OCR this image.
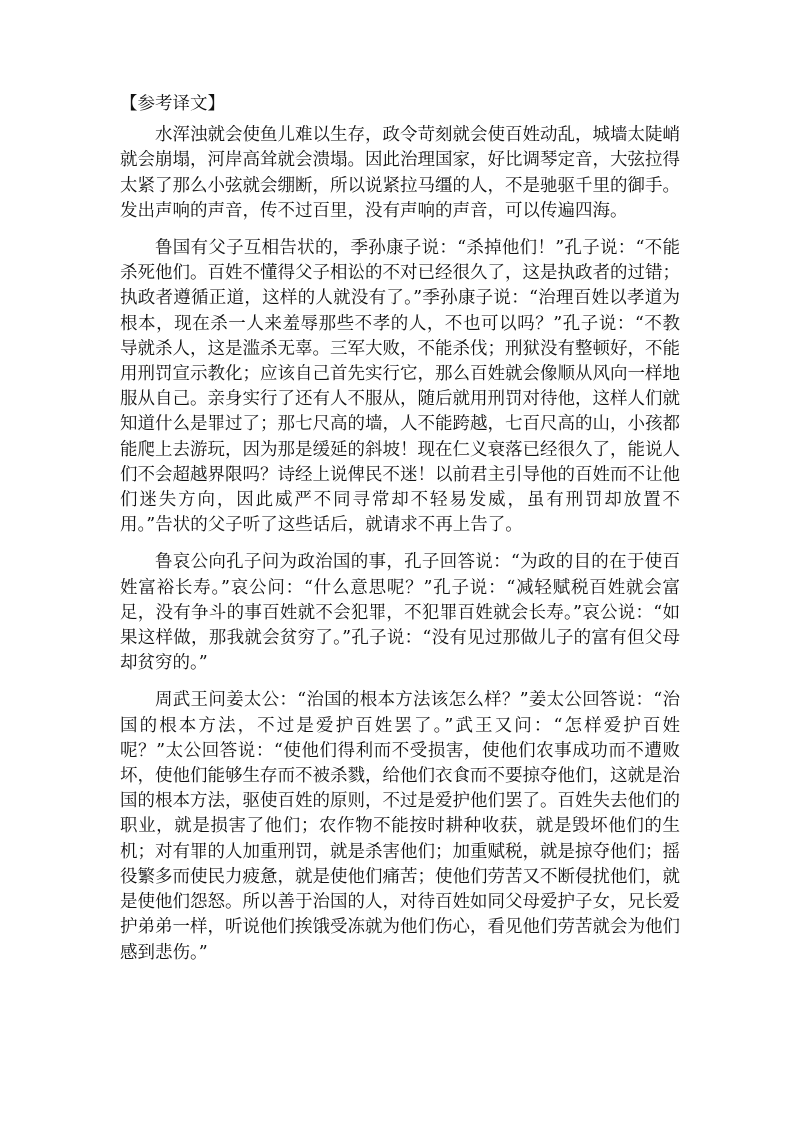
【参考译文】

水浑浊就会使鱼儿难以生存，政令苛刻就会使百姓动乱，城墙太陡峭就会崩塌，河岸高耸就会溃塌。因此治理国家，好比调琴定音，大弦拉得太紧了那么小弦就会绷断，所以说紧拉马缰的人，不是驰驱千里的御手。发出声响的声音，传不过百里，没有声响的声音，可以传遍四海。

鲁国有父子互相告状的，季孙康子说：“杀掉他们！”孔子说：“不能杀死他们。百姓不懂得父子相讼的不对已经很久了，这是执政者的过错；执政者遵循正道，这样的人就没有了。”季孙康子说：“治理百姓以孝道为根本，现在杀一人来羞辱那些不孝的人，不也可以吗？”孔子说：“不教导就杀人，这是滥杀无辜。三军大败，不能杀伐；刑狱没有整顿好，不能用刑罚宣示教化；应该自己首先实行它，那么百姓就会像顺从风向一样地服从自己。亲身实行了还有人不服从，随后就用刑罚对待他，这样人们就知道什么是罪过了；那七尺高的墙，人不能跨越，七百尺高的山，小孩都能爬上去游玩，因为那是缓延的斜坡！现在仁义衰落已经很久了，能说人们不会超越界限吗？诗经上说俾民不迷！以前君主引导他的百姓而不让他们迷失方向，因此威严不同寻常却不轻易发威，虽有刑罚却放置不用。”告状的父子听了这些话后，就请求不再上告了。

鲁哀公向孔子问为政治国的事，孔子回答说：“为政的目的在于使百姓富裕长寿。”哀公问：“什么意思呢？”孔子说：“减轻赋税百姓就会富足，没有争斗的事百姓就不会犯罪，不犯罪百姓就会长寿。”哀公说：“如果这样做，那我就会贫穷了。”孔子说：“没有见过那做儿子的富有但父母却贫穷的。”

周武王问姜太公：“治国的根本方法该怎么样？”姜太公回答说：“治国的根本方法，不过是爱护百姓罢了。”武王又问：“怎样爱护百姓呢？”太公回答说：“使他们得利而不受损害，使他们农事成功而不遭败坏，使他们能够生存而不被杀戮，给他们衣食而不要掠夺他们，这就是治国的根本方法，驱使百姓的原则，不过是爱护他们罢了。百姓失去他们的职业，就是损害了他们；农作物不能按时耕种收获，就是毁坏他们的生机；对有罪的人加重刑罚，就是杀害他们；加重赋税，就是掠夺他们；摇役繁多而使民力疲惫，就是使他们痛苦；使他们劳苦又不断侵扰他们，就是使他们怨怒。所以善于治国的人，对待百姓如同父母爱护子女，兄长爱护弟弟一样，听说他们挨饿受冻就为他们伤心，看见他们劳苦就会为他们感到悲伤。”
